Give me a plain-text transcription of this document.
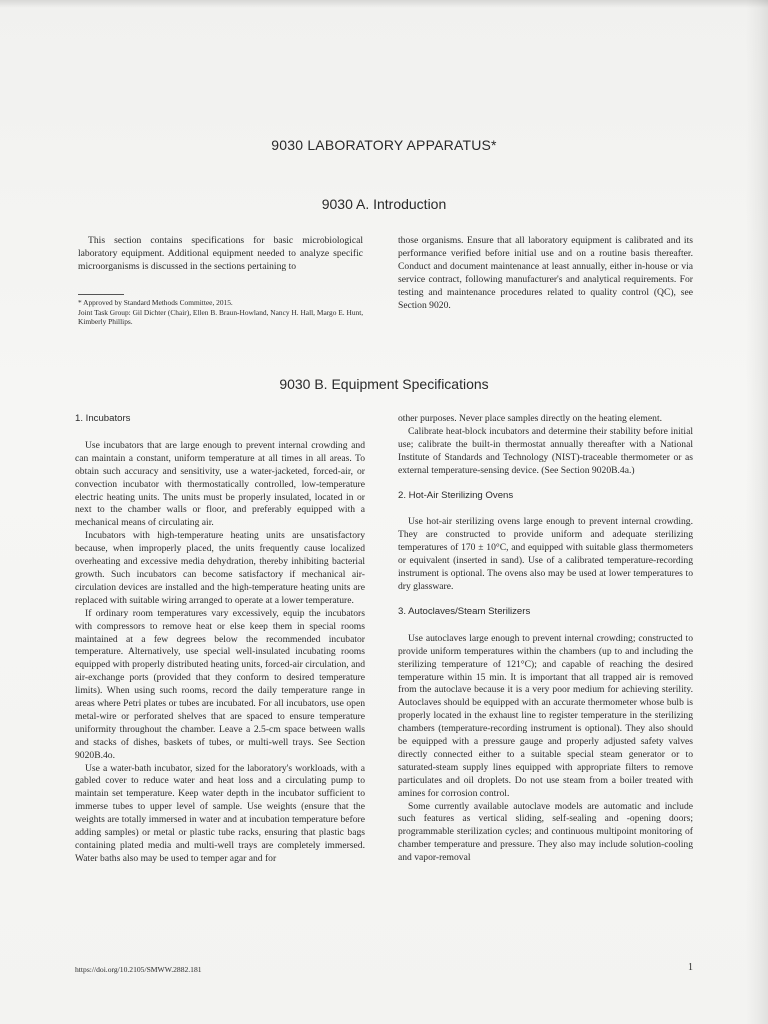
9030 LABORATORY APPARATUS*
9030 A. Introduction

This section contains specifications for basic microbiological laboratory equipment. Additional equipment needed to analyze specific microorganisms is discussed in the sections pertaining to

* Approved by Standard Methods Committee, 2015.

Joint Task Group: Gil Dichter (Chair), Ellen B. Braun-Howland, Nancy H. Hall, Margo E. Hunt, Kimberly Phillips.

those organisms. Ensure that all laboratory equipment is calibrated and its performance verified before initial use and on a routine basis thereafter. Conduct and document maintenance at least annually, either in-house or via service contract, following manufacturer's and analytical requirements. For testing and maintenance procedures related to quality control (QC), see Section 9020.

9030 B. Equipment Specifications
1. Incubators

Use incubators that are large enough to prevent internal crowding and can maintain a constant, uniform temperature at all times in all areas. To obtain such accuracy and sensitivity, use a water-jacketed, forced-air, or convection incubator with thermostatically controlled, low-temperature electric heating units. The units must be properly insulated, located in or next to the chamber walls or floor, and preferably equipped with a mechanical means of circulating air.

Incubators with high-temperature heating units are unsatisfactory because, when improperly placed, the units frequently cause localized overheating and excessive media dehydration, thereby inhibiting bacterial growth. Such incubators can become satisfactory if mechanical air-circulation devices are installed and the high-temperature heating units are replaced with suitable wiring arranged to operate at a lower temperature.

If ordinary room temperatures vary excessively, equip the incubators with compressors to remove heat or else keep them in special rooms maintained at a few degrees below the recommended incubator temperature. Alternatively, use special well-insulated incubating rooms equipped with properly distributed heating units, forced-air circulation, and air-exchange ports (provided that they conform to desired temperature limits). When using such rooms, record the daily temperature range in areas where Petri plates or tubes are incubated. For all incubators, use open metal-wire or perforated shelves that are spaced to ensure temperature uniformity throughout the chamber. Leave a 2.5-cm space between walls and stacks of dishes, baskets of tubes, or multi-well trays. See Section 9020B.4o.

Use a water-bath incubator, sized for the laboratory's workloads, with a gabled cover to reduce water and heat loss and a circulating pump to maintain set temperature. Keep water depth in the incubator sufficient to immerse tubes to upper level of sample. Use weights (ensure that the weights are totally immersed in water and at incubation temperature before adding samples) or metal or plastic tube racks, ensuring that plastic bags containing plated media and multi-well trays are completely immersed. Water baths also may be used to temper agar and for

other purposes. Never place samples directly on the heating element.

Calibrate heat-block incubators and determine their stability before initial use; calibrate the built-in thermostat annually thereafter with a National Institute of Standards and Technology (NIST)-traceable thermometer or as external temperature-sensing device. (See Section 9020B.4a.)

2. Hot-Air Sterilizing Ovens

Use hot-air sterilizing ovens large enough to prevent internal crowding. They are constructed to provide uniform and adequate sterilizing temperatures of 170 ± 10°C, and equipped with suitable glass thermometers or equivalent (inserted in sand). Use of a calibrated temperature-recording instrument is optional. The ovens also may be used at lower temperatures to dry glassware.

3. Autoclaves/Steam Sterilizers

Use autoclaves large enough to prevent internal crowding; constructed to provide uniform temperatures within the chambers (up to and including the sterilizing temperature of 121°C); and capable of reaching the desired temperature within 15 min. It is important that all trapped air is removed from the autoclave because it is a very poor medium for achieving sterility. Autoclaves should be equipped with an accurate thermometer whose bulb is properly located in the exhaust line to register temperature in the sterilizing chambers (temperature-recording instrument is optional). They also should be equipped with a pressure gauge and properly adjusted safety valves directly connected either to a suitable special steam generator or to saturated-steam supply lines equipped with appropriate filters to remove particulates and oil droplets. Do not use steam from a boiler treated with amines for corrosion control.

Some currently available autoclave models are automatic and include such features as vertical sliding, self-sealing and -opening doors; programmable sterilization cycles; and continuous multipoint monitoring of chamber temperature and pressure. They also may include solution-cooling and vapor-removal

https://doi.org/10.2105/SMWW.2882.181	1
